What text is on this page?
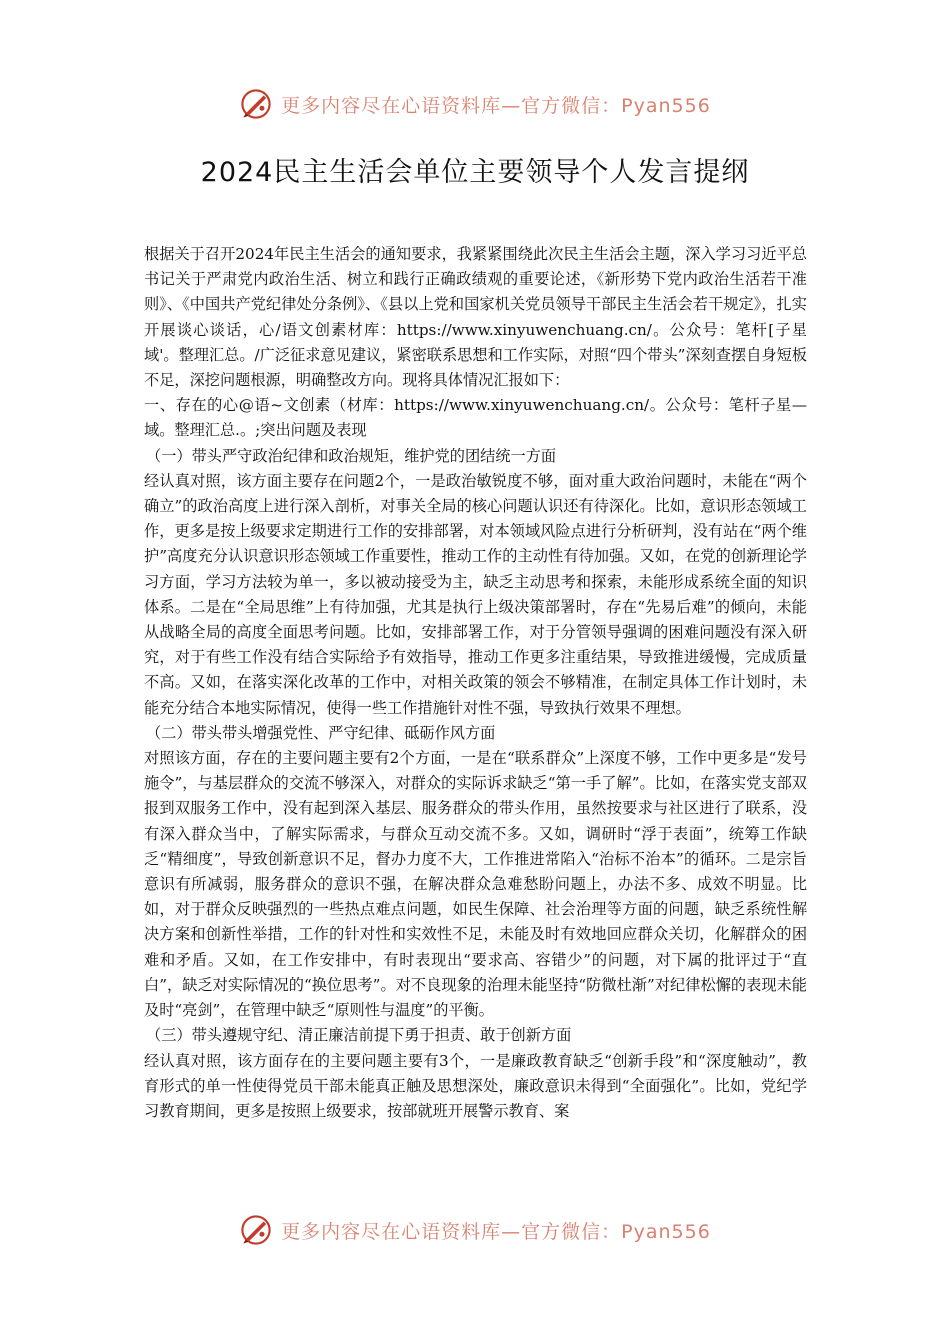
更多内容尽在心语资料库—官方微信：Pyan556
2024民主生活会单位主要领导个人发言提纲

根据关于召开2024年民主生活会的通知要求，我紧紧围绕此次民主生活会主题，深入学习习近平总书记关于严肃党内政治生活、树立和践行正确政绩观的重要论述，《新形势下党内政治生活若干准则》、《中国共产党纪律处分条例》、《县以上党和国家机关党员领导干部民主生活会若干规定》，扎实开展谈心谈话，心/语文创素材库：https://www.xinyuwenchuang.cn/。公众号：笔杆[子星域'。整理汇总。/广泛征求意见建议，紧密联系思想和工作实际，对照“四个带头”深刻查摆自身短板不足，深挖问题根源，明确整改方向。现将具体情况汇报如下：

一、存在的心@语~文创素（材库：https://www.xinyuwenchuang.cn/。公众号：笔杆子星—域。整理汇总.。;突出问题及表现

（一）带头严守政治纪律和政治规矩，维护党的团结统一方面

经认真对照，该方面主要存在问题2个，一是政治敏锐度不够，面对重大政治问题时，未能在“两个确立”的政治高度上进行深入剖析，对事关全局的核心问题认识还有待深化。比如，意识形态领域工作，更多是按上级要求定期进行工作的安排部署，对本领域风险点进行分析研判，没有站在“两个维护”高度充分认识意识形态领域工作重要性，推动工作的主动性有待加强。又如，在党的创新理论学习方面，学习方法较为单一，多以被动接受为主，缺乏主动思考和探索，未能形成系统全面的知识体系。二是在“全局思维”上有待加强，尤其是执行上级决策部署时，存在“先易后难”的倾向，未能从战略全局的高度全面思考问题。比如，安排部署工作，对于分管领导强调的困难问题没有深入研究，对于有些工作没有结合实际给予有效指导，推动工作更多注重结果，导致推进缓慢，完成质量不高。又如，在落实深化改革的工作中，对相关政策的领会不够精准，在制定具体工作计划时，未能充分结合本地实际情况，使得一些工作措施针对性不强，导致执行效果不理想。

（二）带头带头增强党性、严守纪律、砥砺作风方面

对照该方面，存在的主要问题主要有2个方面，一是在“联系群众”上深度不够，工作中更多是“发号施令”，与基层群众的交流不够深入，对群众的实际诉求缺乏“第一手了解”。比如，在落实党支部双报到双服务工作中，没有起到深入基层、服务群众的带头作用，虽然按要求与社区进行了联系，没有深入群众当中，了解实际需求，与群众互动交流不多。又如，调研时“浮于表面”，统筹工作缺乏“精细度”，导致创新意识不足，督办力度不大，工作推进常陷入“治标不治本”的循环。二是宗旨意识有所减弱，服务群众的意识不强，在解决群众急难愁盼问题上，办法不多、成效不明显。比如，对于群众反映强烈的一些热点难点问题，如民生保障、社会治理等方面的问题，缺乏系统性解决方案和创新性举措，工作的针对性和实效性不足，未能及时有效地回应群众关切，化解群众的困难和矛盾。又如，在工作安排中，有时表现出“要求高、容错少”的问题，对下属的批评过于“直白”，缺乏对实际情况的“换位思考”。对不良现象的治理未能坚持“防微杜渐”对纪律松懈的表现未能及时“亮剑”，在管理中缺乏“原则性与温度”的平衡。

（三）带头遵规守纪、清正廉洁前提下勇于担责、敢于创新方面

经认真对照，该方面存在的主要问题主要有3个，一是廉政教育缺乏“创新手段”和“深度触动”，教育形式的单一性使得党员干部未能真正触及思想深处，廉政意识未得到“全面强化”。比如，党纪学习教育期间，更多是按照上级要求，按部就班开展警示教育、案

更多内容尽在心语资料库—官方微信：Pyan556
